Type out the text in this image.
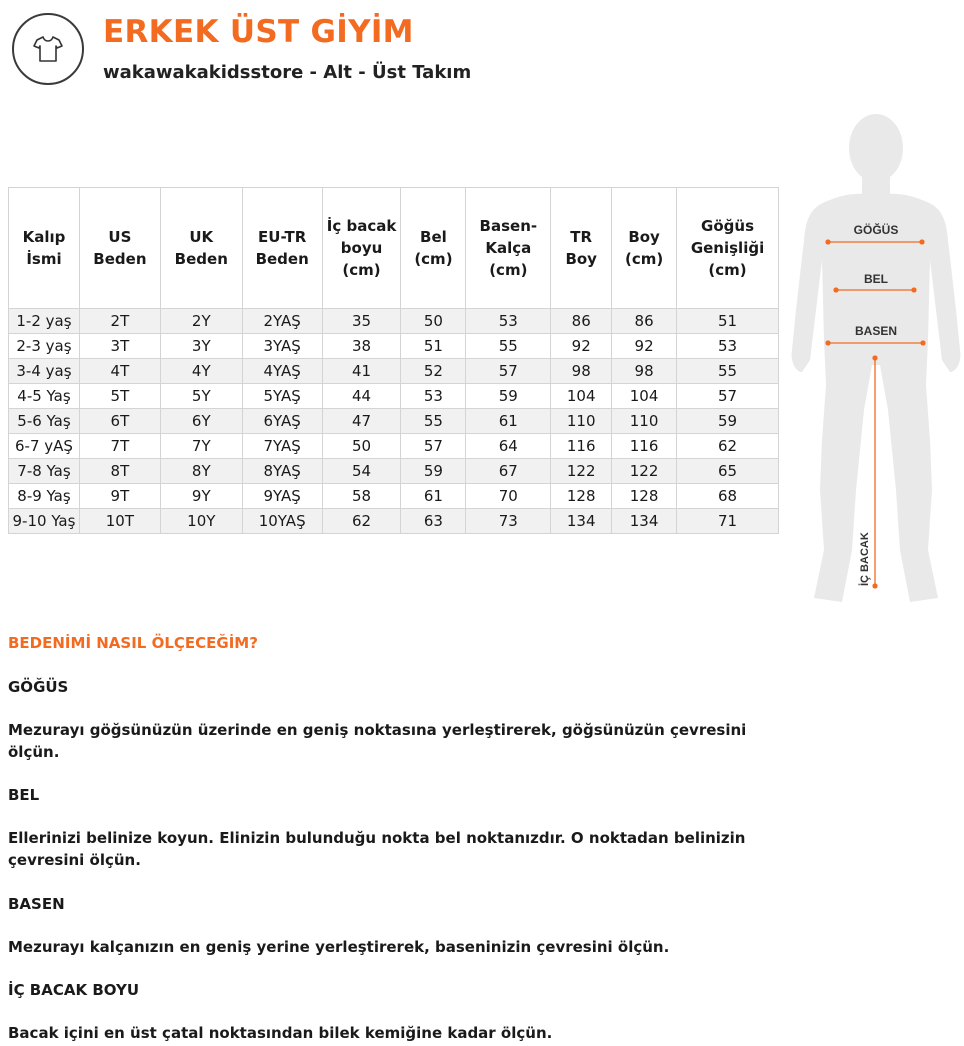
ERKEK ÜST GİYİM
wakawakakidsstore - Alt - Üst Takım
Kalıp İsmi	US Beden	UK Beden	EU-TR Beden	İç bacak boyu (cm)	Bel (cm)	Basen-Kalça (cm)	TR Boy	Boy (cm)	Göğüs Genişliği (cm)
1-2 yaş	2T	2Y	2YAŞ	35	50	53	86	86	51
2-3 yaş	3T	3Y	3YAŞ	38	51	55	92	92	53
3-4 yaş	4T	4Y	4YAŞ	41	52	57	98	98	55
4-5 Yaş	5T	5Y	5YAŞ	44	53	59	104	104	57
5-6 Yaş	6T	6Y	6YAŞ	47	55	61	110	110	59
6-7 yAŞ	7T	7Y	7YAŞ	50	57	64	116	116	62
7-8 Yaş	8T	8Y	8YAŞ	54	59	67	122	122	65
8-9 Yaş	9T	9Y	9YAŞ	58	61	70	128	128	68
9-10 Yaş	10T	10Y	10YAŞ	62	63	73	134	134	71
GÖĞÜS
BEL
BASEN
İÇ BACAK

BEDENİMİ NASIL ÖLÇECEĞİM?

GÖĞÜS

Mezurayı göğsünüzün üzerinde en geniş noktasına yerleştirerek, göğsünüzün çevresini ölçün.

BEL

Ellerinizi belinize koyun. Elinizin bulunduğu nokta bel noktanızdır. O noktadan belinizin çevresini ölçün.

BASEN

Mezurayı kalçanızın en geniş yerine yerleştirerek, baseninizin çevresini ölçün.

İÇ BACAK BOYU

Bacak içini en üst çatal noktasından bilek kemiğine kadar ölçün.
